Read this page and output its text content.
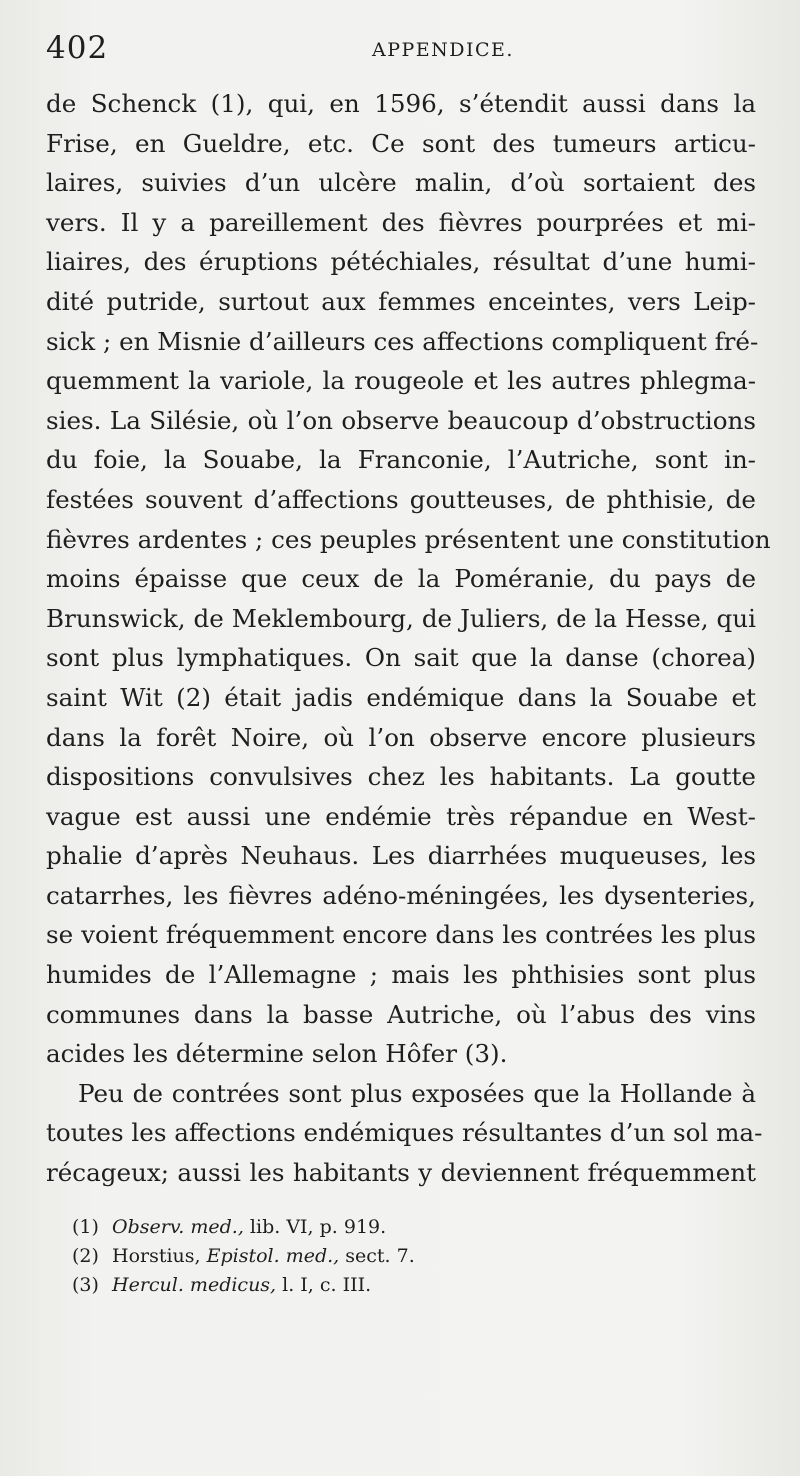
402	APPENDICE.
de Schenck (1), qui, en 1596, s’étendit aussi dans la
Frise, en Gueldre, etc. Ce sont des tumeurs articu-
laires, suivies d’un ulcère malin, d’où sortaient des
vers. Il y a pareillement des fièvres pourprées et mi-
liaires, des éruptions pétéchiales, résultat d’une humi-
dité putride, surtout aux femmes enceintes, vers Leip-
sick ; en Misnie d’ailleurs ces affections compliquent fré-
quemment la variole, la rougeole et les autres phlegma-
sies. La Silésie, où l’on observe beaucoup d’obstructions
du foie, la Souabe, la Franconie, l’Autriche, sont in-
festées souvent d’affections goutteuses, de phthisie, de
fièvres ardentes ; ces peuples présentent une constitution
moins épaisse que ceux de la Poméranie, du pays de
Brunswick, de Meklembourg, de Juliers, de la Hesse, qui
sont plus lymphatiques. On sait que la danse (chorea)
saint Wit (2) était jadis endémique dans la Souabe et
dans la forêt Noire, où l’on observe encore plusieurs
dispositions convulsives chez les habitants. La goutte
vague est aussi une endémie très répandue en West-
phalie d’après Neuhaus. Les diarrhées muqueuses, les
catarrhes, les fièvres adéno-méningées, les dysenteries,
se voient fréquemment encore dans les contrées les plus
humides de l’Allemagne ; mais les phthisies sont plus
communes dans la basse Autriche, où l’abus des vins
acides les détermine selon Hôfer (3).
Peu de contrées sont plus exposées que la Hollande à
toutes les affections endémiques résultantes d’un sol ma-
récageux; aussi les habitants y deviennent fréquemment
(1) Observ. med., lib. VI, p. 919.
(2) Horstius, Epistol. med., sect. 7.
(3) Hercul. medicus, l. I, c. III.
